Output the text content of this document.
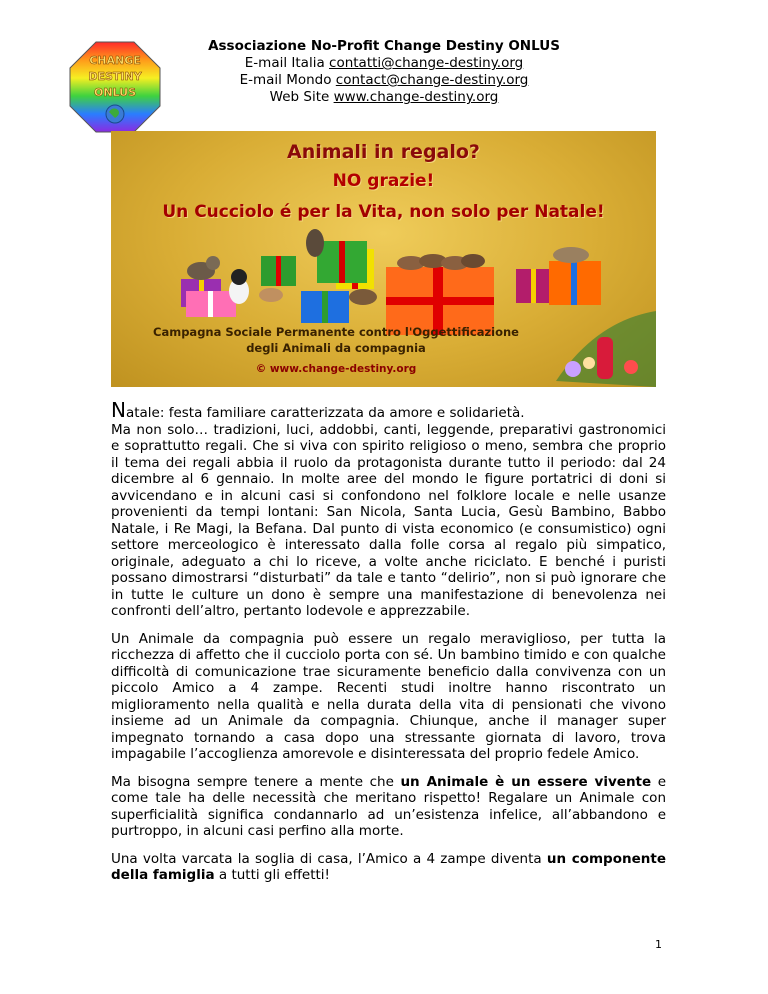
CHANGE
DESTINY
ONLUS
Associazione No-Profit Change Destiny ONLUS
E-mail Italia contatti@change-destiny.org
E-mail Mondo contact@change-destiny.org
Web Site www.change-destiny.org
Animali in regalo?
NO grazie!
Un Cucciolo é per la Vita, non solo per Natale!
Campagna Sociale Permanente contro l'Oggettificazione
degli Animali da compagnia
© www.change-destiny.org

Natale: festa familiare caratterizzata da amore e solidarietà.
Ma non solo… tradizioni, luci, addobbi, canti, leggende, preparativi gastronomici e soprattutto regali. Che si viva con spirito religioso o meno, sembra che proprio il tema dei regali abbia il ruolo da protagonista durante tutto il periodo: dal 24 dicembre al 6 gennaio. In molte aree del mondo le figure portatrici di doni si avvicendano e in alcuni casi si confondono nel folklore locale e nelle usanze provenienti da tempi lontani: San Nicola, Santa Lucia, Gesù Bambino, Babbo Natale, i Re Magi, la Befana. Dal punto di vista economico (e consumistico) ogni settore merceologico è interessato dalla folle corsa al regalo più simpatico, originale, adeguato a chi lo riceve, a volte anche riciclato. E benché i puristi possano dimostrarsi “disturbati” da tale e tanto “delirio”, non si può ignorare che in tutte le culture un dono è sempre una manifestazione di benevolenza nei confronti dell’altro, pertanto lodevole e apprezzabile.

Un Animale da compagnia può essere un regalo meraviglioso, per tutta la ricchezza di affetto che il cucciolo porta con sé. Un bambino timido e con qualche difficoltà di comunicazione trae sicuramente beneficio dalla convivenza con un piccolo Amico a 4 zampe. Recenti studi inoltre hanno riscontrato un miglioramento nella qualità e nella durata della vita di pensionati che vivono insieme ad un Animale da compagnia. Chiunque, anche il manager super impegnato tornando a casa dopo una stressante giornata di lavoro, trova impagabile l’accoglienza amorevole e disinteressata del proprio fedele Amico.

Ma bisogna sempre tenere a mente che un Animale è un essere vivente e come tale ha delle necessità che meritano rispetto! Regalare un Animale con superficialità significa condannarlo ad un’esistenza infelice, all’abbandono e purtroppo, in alcuni casi perfino alla morte.

Una volta varcata la soglia di casa, l’Amico a 4 zampe diventa un componente della famiglia a tutti gli effetti!

1
